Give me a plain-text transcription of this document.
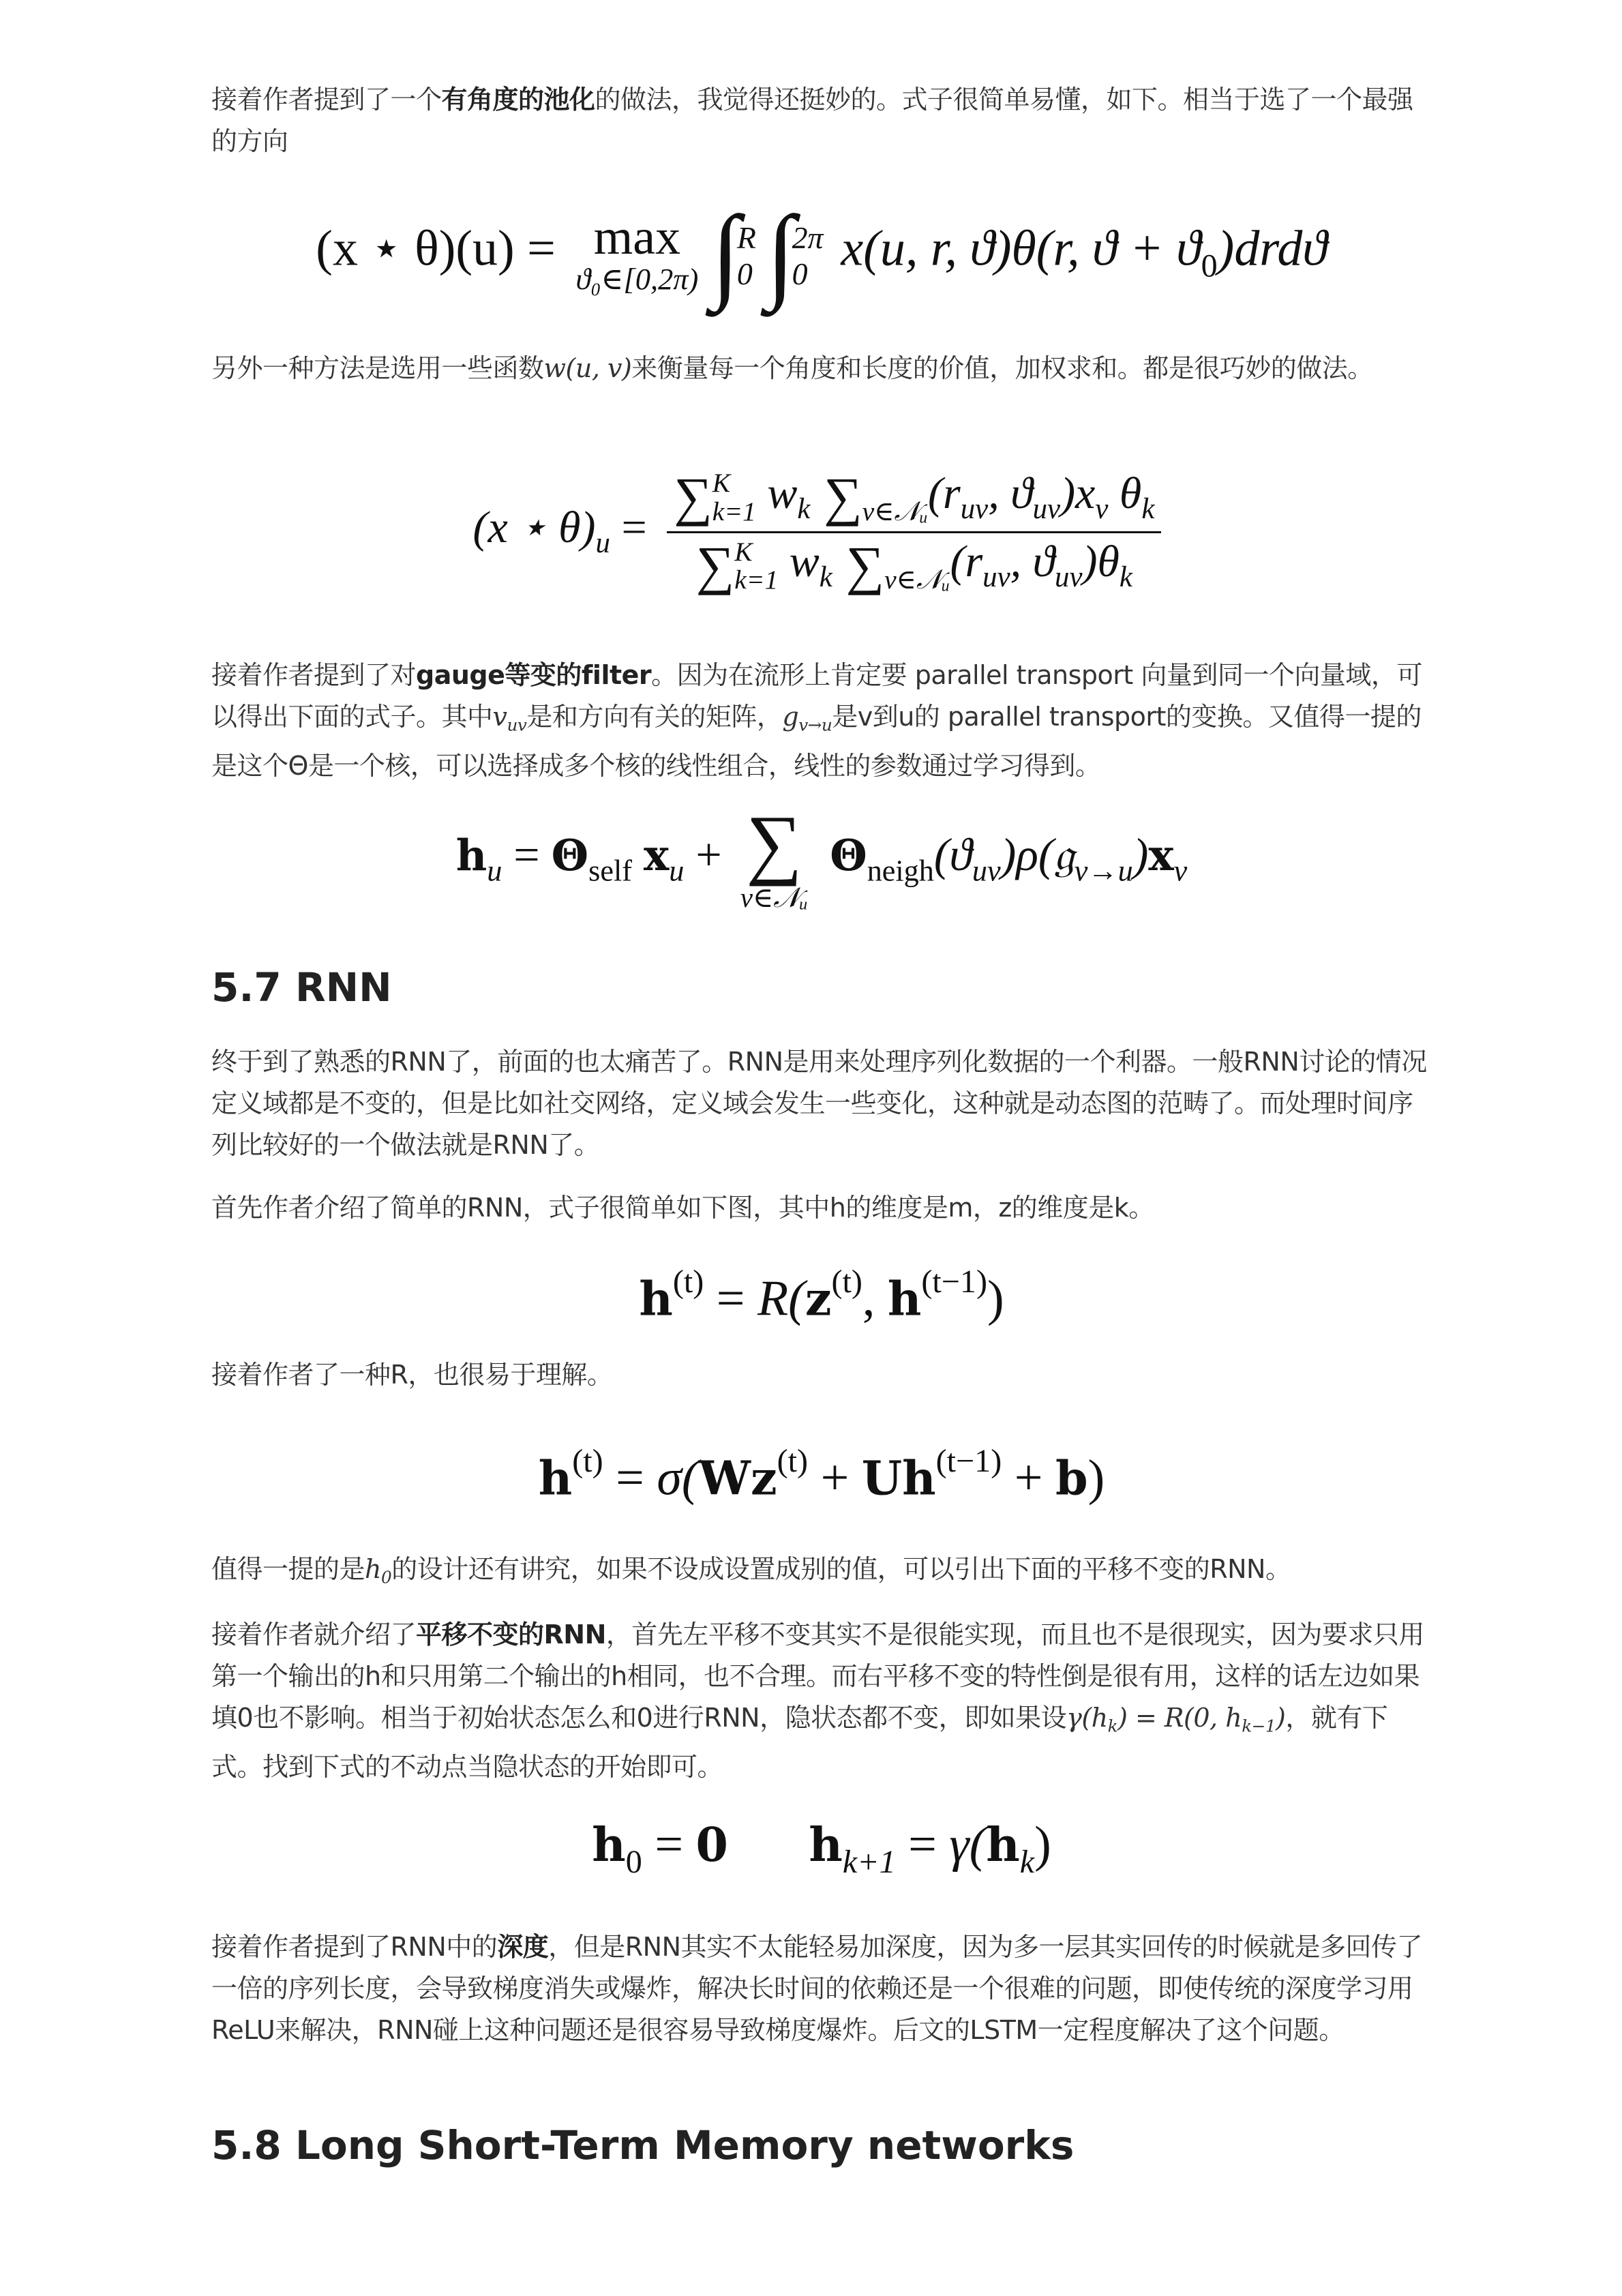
接着作者提到了一个有角度的池化的做法，我觉得还挺妙的。式子很简单易懂，如下。相当于选了一个最强的方向
(x ⋆ θ)(u) = max
ϑ₀∈[0,2π) ∫
R
0 ∫
2π
0 x(u, r, ϑ)θ(r, $ϑ + ϑ_0)drdϑ$
另外一种方法是选用一些函数w(u, v)来衡量每一个角度和长度的价值，加权求和。都是很巧妙的做法。
(x ⋆ $\theta)_u$ = ∑ K
k=1 $w_k$ ∑
v∈𝒩ᵤ ($r_{uv}$, $ϑ_{uv})x_v$ $\theta_k$
∑ K
k=1 $w_k$ ∑
v∈𝒩ᵤ ($r_{uv}$, $ϑ_{uv})\theta_k$
接着作者提到了对gauge等变的filter。因为在流形上肯定要 parallel transport 向量到同一个向量域，可以得出下面的式子。其中vuv是和方向有关的矩阵，gv→u是v到u的 parallel transport的变换。又值得一提的是这个Θ是一个核，可以选择成多个核的线性组合，线性的参数通过学习得到。
$h_u = \Theta_{self}$ $x_u$ + ∑
v∈𝒩ᵤ
$\Theta_{neigh}(ϑ_{uv})\rho(𝔤_{v\to u})x_v$
5.7 RNN
终于到了熟悉的RNN了，前面的也太痛苦了。RNN是用来处理序列化数据的一个利器。一般RNN讨论的情况定义域都是不变的，但是比如社交网络，定义域会发生一些变化，这种就是动态图的范畴了。而处理时间序列比较好的一个做法就是RNN了。
首先作者介绍了简单的RNN，式子很简单如下图，其中h的维度是m，z的维度是k。
$h^{(t)} = R(z^{(t)}$, $h^{(t-1)}$)
接着作者了一种R，也很易于理解。
$h^{(t)} = \sigma(Wz^{(t)} + Uh^{(t-1)} + b)$
值得一提的是h0的设计还有讲究，如果不设成设置成别的值，可以引出下面的平移不变的RNN。
接着作者就介绍了平移不变的RNN，首先左平移不变其实不是很能实现，而且也不是很现实，因为要求只用第一个输出的h和只用第二个输出的h相同，也不合理。而右平移不变的特性倒是很有用，这样的话左边如果填0也不影响。相当于初始状态怎么和0进行RNN，隐状态都不变，即如果设γ(hk) = R(0, hk−1)，就有下式。找到下式的不动点当隐状态的开始即可。
$h_0 = 0$ $h_{k+1} = \gamma(h_k)$
接着作者提到了RNN中的深度，但是RNN其实不太能轻易加深度，因为多一层其实回传的时候就是多回传了一倍的序列长度，会导致梯度消失或爆炸，解决长时间的依赖还是一个很难的问题，即使传统的深度学习用ReLU来解决，RNN碰上这种问题还是很容易导致梯度爆炸。后文的LSTM一定程度解决了这个问题。
5.8 Long Short-Term Memory networks
